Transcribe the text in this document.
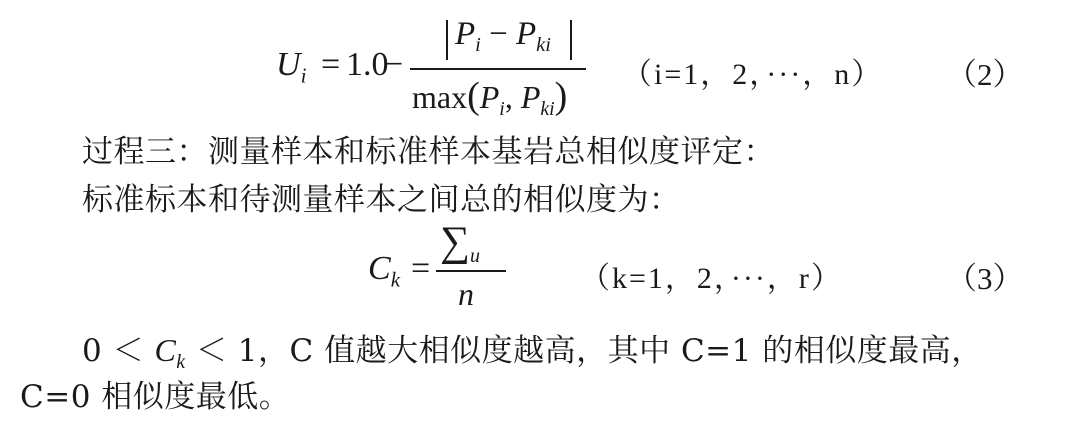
$U_i = 1.0$
−
$P_i - P_{ki}$
$\max(P_i$, $P_{ki}$)
（i=1，2，···，n） （2）
过程三：测量样本和标准样本基岩总相似度评定：
标准标本和待测量样本之间总的相似度为：
$C_k$ =
$\sum_u$
n	（k=1，2，···，r）	（3）
$0 < C_k < 1$，C 值越大相似度越高，其中 C=1 的相似度最高，
C=0 相似度最低。
